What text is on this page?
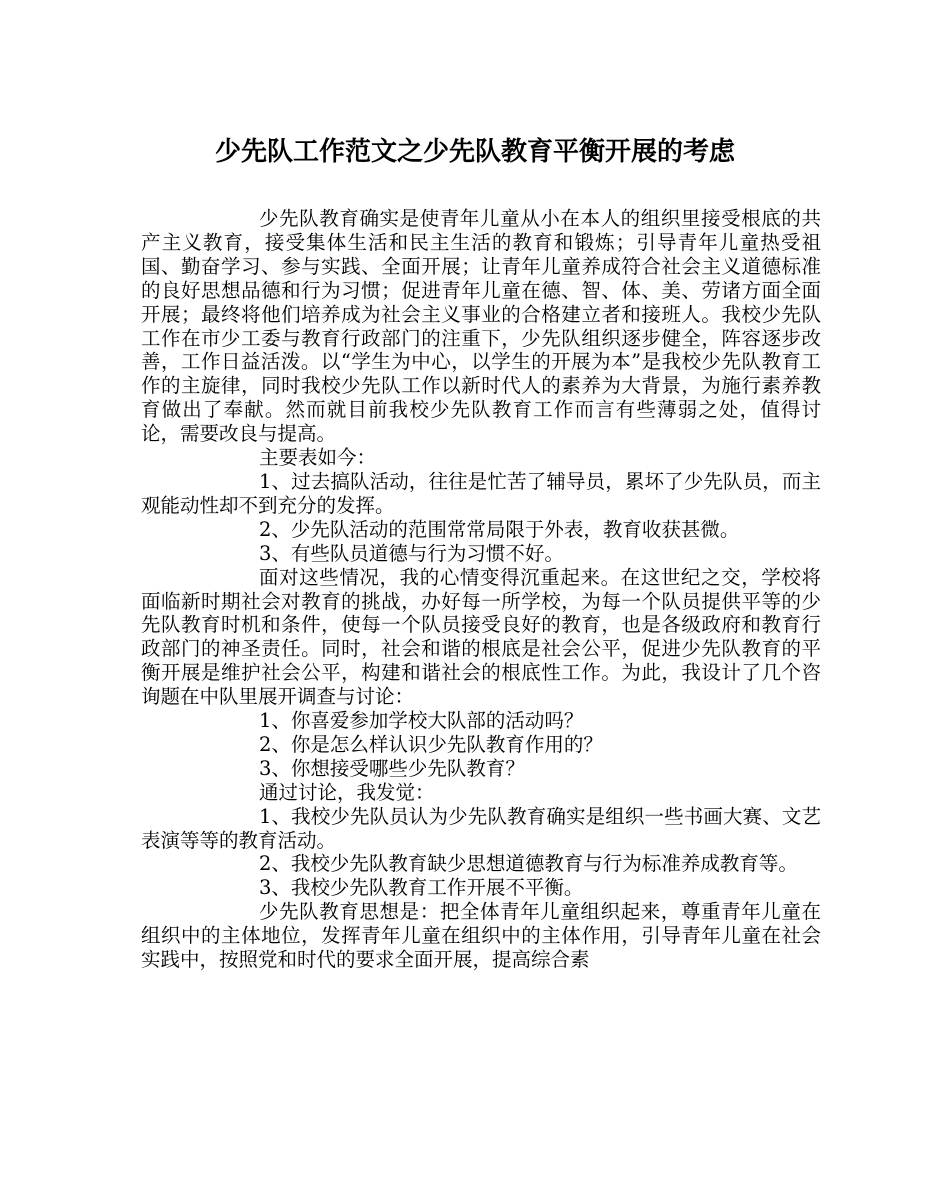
少先队工作范文之少先队教育平衡开展的考虑

少先队教育确实是使青年儿童从小在本人的组织里接受根底的共产主义教育，接受集体生活和民主生活的教育和锻炼；引导青年儿童热受祖国、勤奋学习、参与实践、全面开展；让青年儿童养成符合社会主义道德标准的良好思想品德和行为习惯；促进青年儿童在德、智、体、美、劳诸方面全面开展；最终将他们培养成为社会主义事业的合格建立者和接班人。我校少先队工作在市少工委与教育行政部门的注重下，少先队组织逐步健全，阵容逐步改善，工作日益活泼。以“学生为中心，以学生的开展为本”是我校少先队教育工作的主旋律，同时我校少先队工作以新时代人的素养为大背景，为施行素养教育做出了奉献。然而就目前我校少先队教育工作而言有些薄弱之处，值得讨论，需要改良与提高。

主要表如今：

1、过去搞队活动，往往是忙苦了辅导员，累坏了少先队员，而主观能动性却不到充分的发挥。

2、少先队活动的范围常常局限于外表，教育收获甚微。

3、有些队员道德与行为习惯不好。

面对这些情况，我的心情变得沉重起来。在这世纪之交，学校将面临新时期社会对教育的挑战，办好每一所学校，为每一个队员提供平等的少先队教育时机和条件，使每一个队员接受良好的教育，也是各级政府和教育行政部门的神圣责任。同时，社会和谐的根底是社会公平，促进少先队教育的平衡开展是维护社会公平，构建和谐社会的根底性工作。为此，我设计了几个咨询题在中队里展开调查与讨论：

1、你喜爱参加学校大队部的活动吗？

2、你是怎么样认识少先队教育作用的？

3、你想接受哪些少先队教育？

通过讨论，我发觉：

1、我校少先队员认为少先队教育确实是组织一些书画大赛、文艺表演等等的教育活动。

2、我校少先队教育缺少思想道德教育与行为标准养成教育等。

3、我校少先队教育工作开展不平衡。

少先队教育思想是：把全体青年儿童组织起来，尊重青年儿童在组织中的主体地位，发挥青年儿童在组织中的主体作用，引导青年儿童在社会实践中，按照党和时代的要求全面开展，提高综合素
